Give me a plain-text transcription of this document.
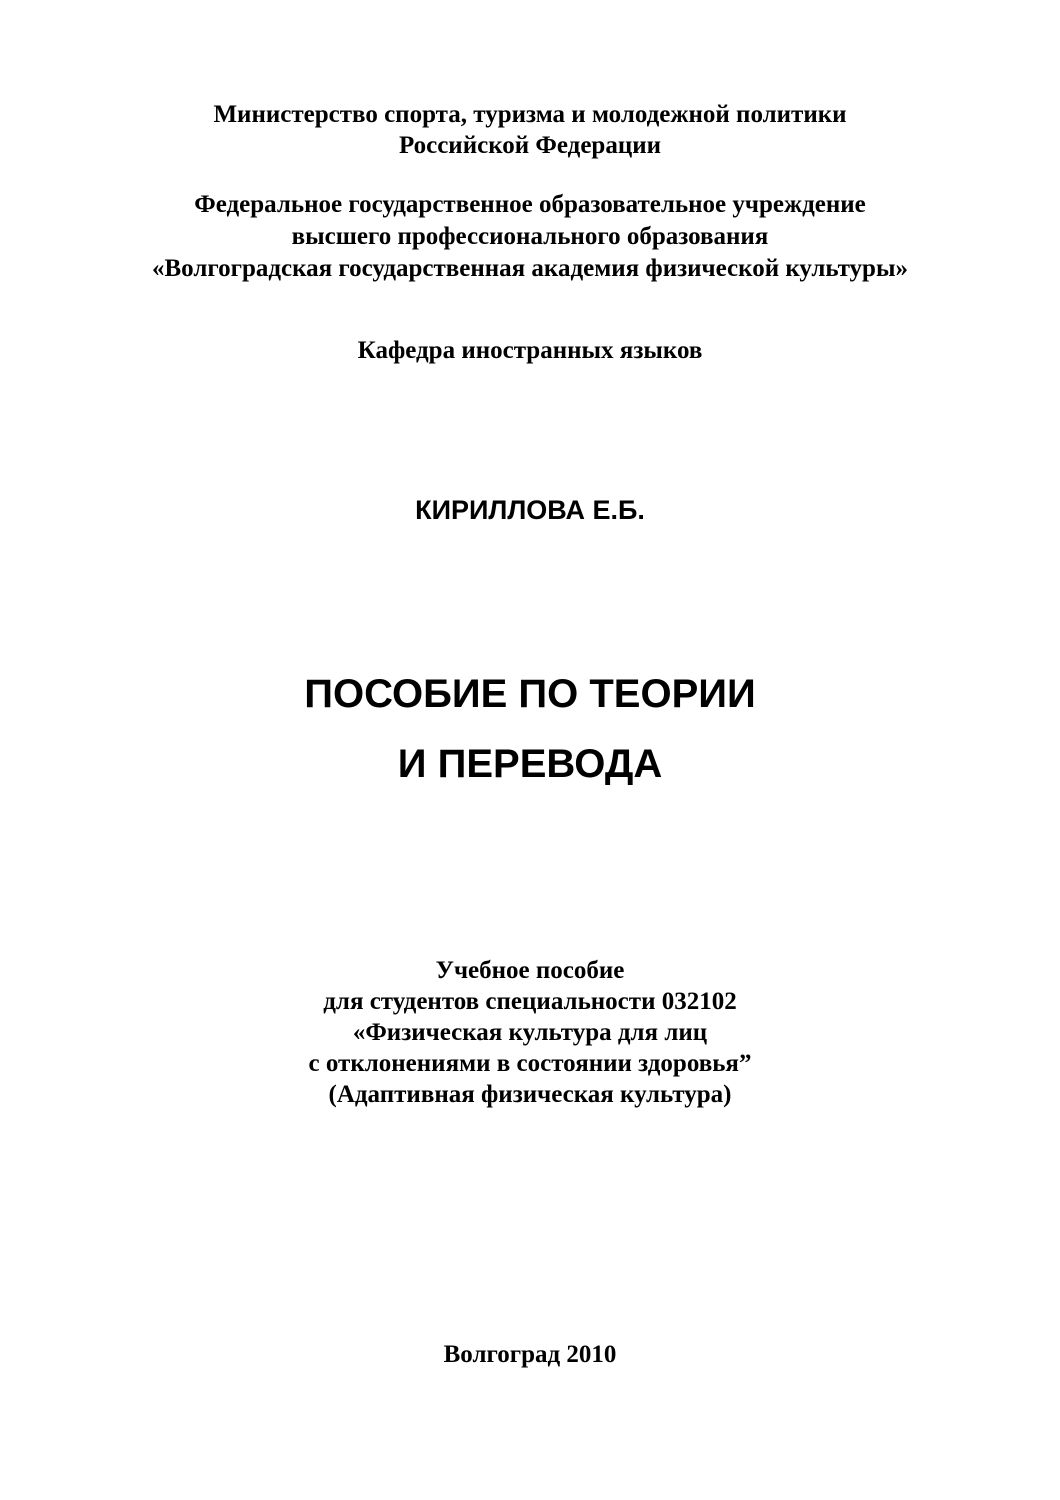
Министерство спорта, туризма и молодежной политики

Российской Федерации

Федеральное государственное образовательное учреждение

высшего профессионального образования

«Волгоградская государственная академия физической культуры»

Кафедра иностранных языков

КИРИЛЛОВА Е.Б.

ПОСОБИЕ ПО ТЕОРИИ

И ПЕРЕВОДА

Учебное пособие

для студентов специальности 032102

«Физическая культура для лиц

с отклонениями в состоянии здоровья”

(Адаптивная физическая культура)

Волгоград 2010
